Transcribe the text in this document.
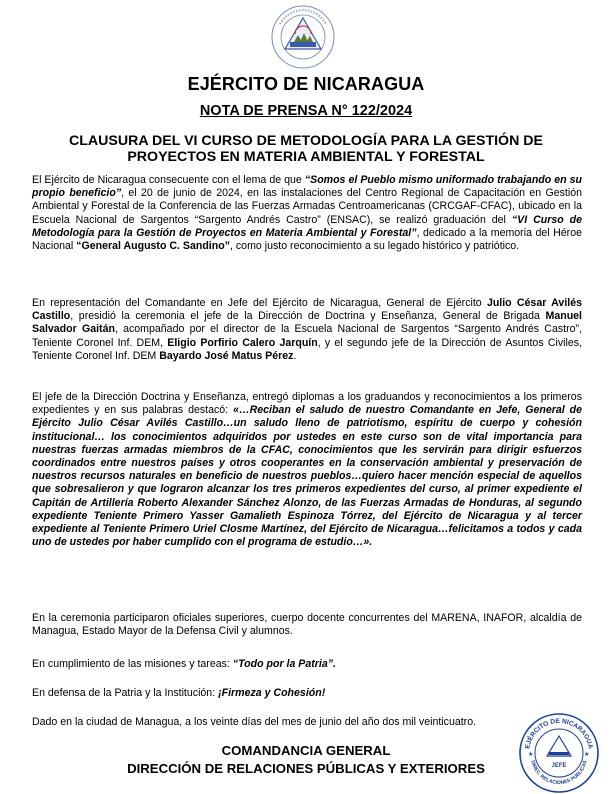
EJÉRCITO DE NICARAGUA
NOTA DE PRENSA N° 122/2024
CLAUSURA DEL VI CURSO DE METODOLOGÍA PARA LA GESTIÓN DE
PROYECTOS EN MATERIA AMBIENTAL Y FORESTAL

El Ejército de Nicaragua consecuente con el lema de que “Somos el Pueblo mismo uniformado trabajando en su propio beneficio”, el 20 de junio de 2024, en las instalaciones del Centro Regional de Capacitación en Gestión Ambiental y Forestal de la Conferencia de las Fuerzas Armadas Centroamericanas (CRCGAF-CFAC), ubicado en la Escuela Nacional de Sargentos “Sargento Andrés Castro” (ENSAC), se realizó graduación del “VI Curso de Metodología para la Gestión de Proyectos en Materia Ambiental y Forestal”, dedicado a la memoria del Héroe Nacional “General Augusto C. Sandino”, como justo reconocimiento a su legado histórico y patriótico.

En representación del Comandante en Jefe del Ejército de Nicaragua, General de Ejército Julio César Avilés Castillo, presidió la ceremonia el jefe de la Dirección de Doctrina y Enseñanza, General de Brigada Manuel Salvador Gaitán, acompañado por el director de la Escuela Nacional de Sargentos “Sargento Andrés Castro”, Teniente Coronel Inf. DEM, Eligio Porfirio Calero Jarquín, y el segundo jefe de la Dirección de Asuntos Civiles, Teniente Coronel Inf. DEM Bayardo José Matus Pérez.

El jefe de la Dirección Doctrina y Enseñanza, entregó diplomas a los graduandos y reconocimientos a los primeros expedientes y en sus palabras destacó: «…Reciban el saludo de nuestro Comandante en Jefe, General de Ejército Julio César Avilés Castillo…un saludo lleno de patriotismo, espíritu de cuerpo y cohesión institucional… los conocimientos adquiridos por ustedes en este curso son de vital importancia para nuestras fuerzas armadas miembros de la CFAC, conocimientos que les servirán para dirigir esfuerzos coordinados entre nuestros países y otros cooperantes en la conservación ambiental y preservación de nuestros recursos naturales en beneficio de nuestros pueblos…quiero hacer mención especial de aquellos que sobresalieron y que lograron alcanzar los tres primeros expedientes del curso, al primer expediente el Capitán de Artillería Roberto Alexander Sánchez Alonzo, de las Fuerzas Armadas de Honduras, al segundo expediente Teniente Primero Yasser Gamalieth Espinoza Tórrez, del Ejército de Nicaragua y al tercer expediente al Teniente Primero Uriel Closme Martínez, del Ejército de Nicaragua…felicitamos a todos y cada uno de ustedes por haber cumplido con el programa de estudio…».

En la ceremonia participaron oficiales superiores, cuerpo docente concurrentes del MARENA, INAFOR, alcaldía de Managua, Estado Mayor de la Defensa Civil y alumnos.

En cumplimiento de las misiones y tareas: “Todo por la Patria”.

En defensa de la Patria y la Institución: ¡Firmeza y Cohesión!

Dado en la ciudad de Managua, a los veinte días del mes de junio del año dos mil veinticuatro.

COMANDANCIA GENERAL
DIRECCIÓN DE RELACIONES PÚBLICAS Y EXTERIORES
EJÉRCITO DE NICARAGUA
DIREC. RELACIONES PÚBLICAS
JEFE
★	★
